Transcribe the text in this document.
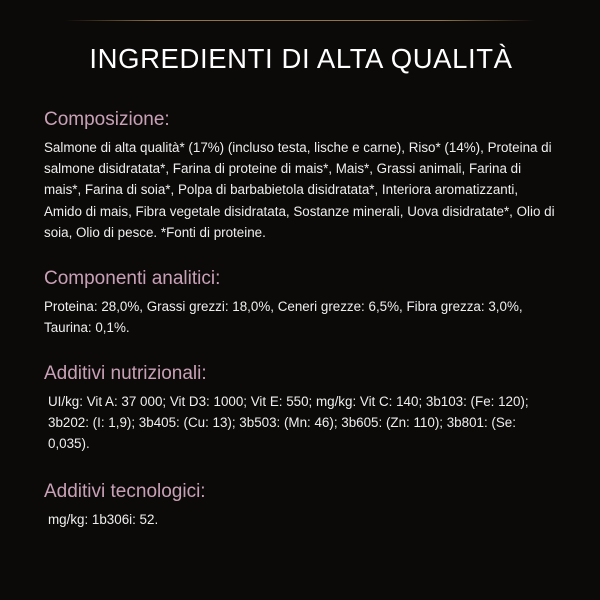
INGREDIENTI DI ALTA QUALITÀ
Composizione:

Salmone di alta qualità* (17%) (incluso testa, lische e carne), Riso* (14%), Proteina di salmone disidratata*, Farina di proteine di mais*, Mais*, Grassi animali, Farina di mais*, Farina di soia*, Polpa di barbabietola disidratata*, Interiora aromatizzanti, Amido di mais, Fibra vegetale disidratata, Sostanze minerali, Uova disidratate*, Olio di soia, Olio di pesce. *Fonti di proteine.

Componenti analitici:

Proteina: 28,0%, Grassi grezzi: 18,0%, Ceneri grezze: 6,5%, Fibra grezza: 3,0%, Taurina: 0,1%.

Additivi nutrizionali:

UI/kg: Vit A: 37 000; Vit D3: 1000; Vit E: 550; mg/kg: Vit C: 140; 3b103: (Fe: 120); 3b202: (I: 1,9); 3b405: (Cu: 13); 3b503: (Mn: 46); 3b605: (Zn: 110); 3b801: (Se: 0,035).

Additivi tecnologici:

mg/kg: 1b306i: 52.
